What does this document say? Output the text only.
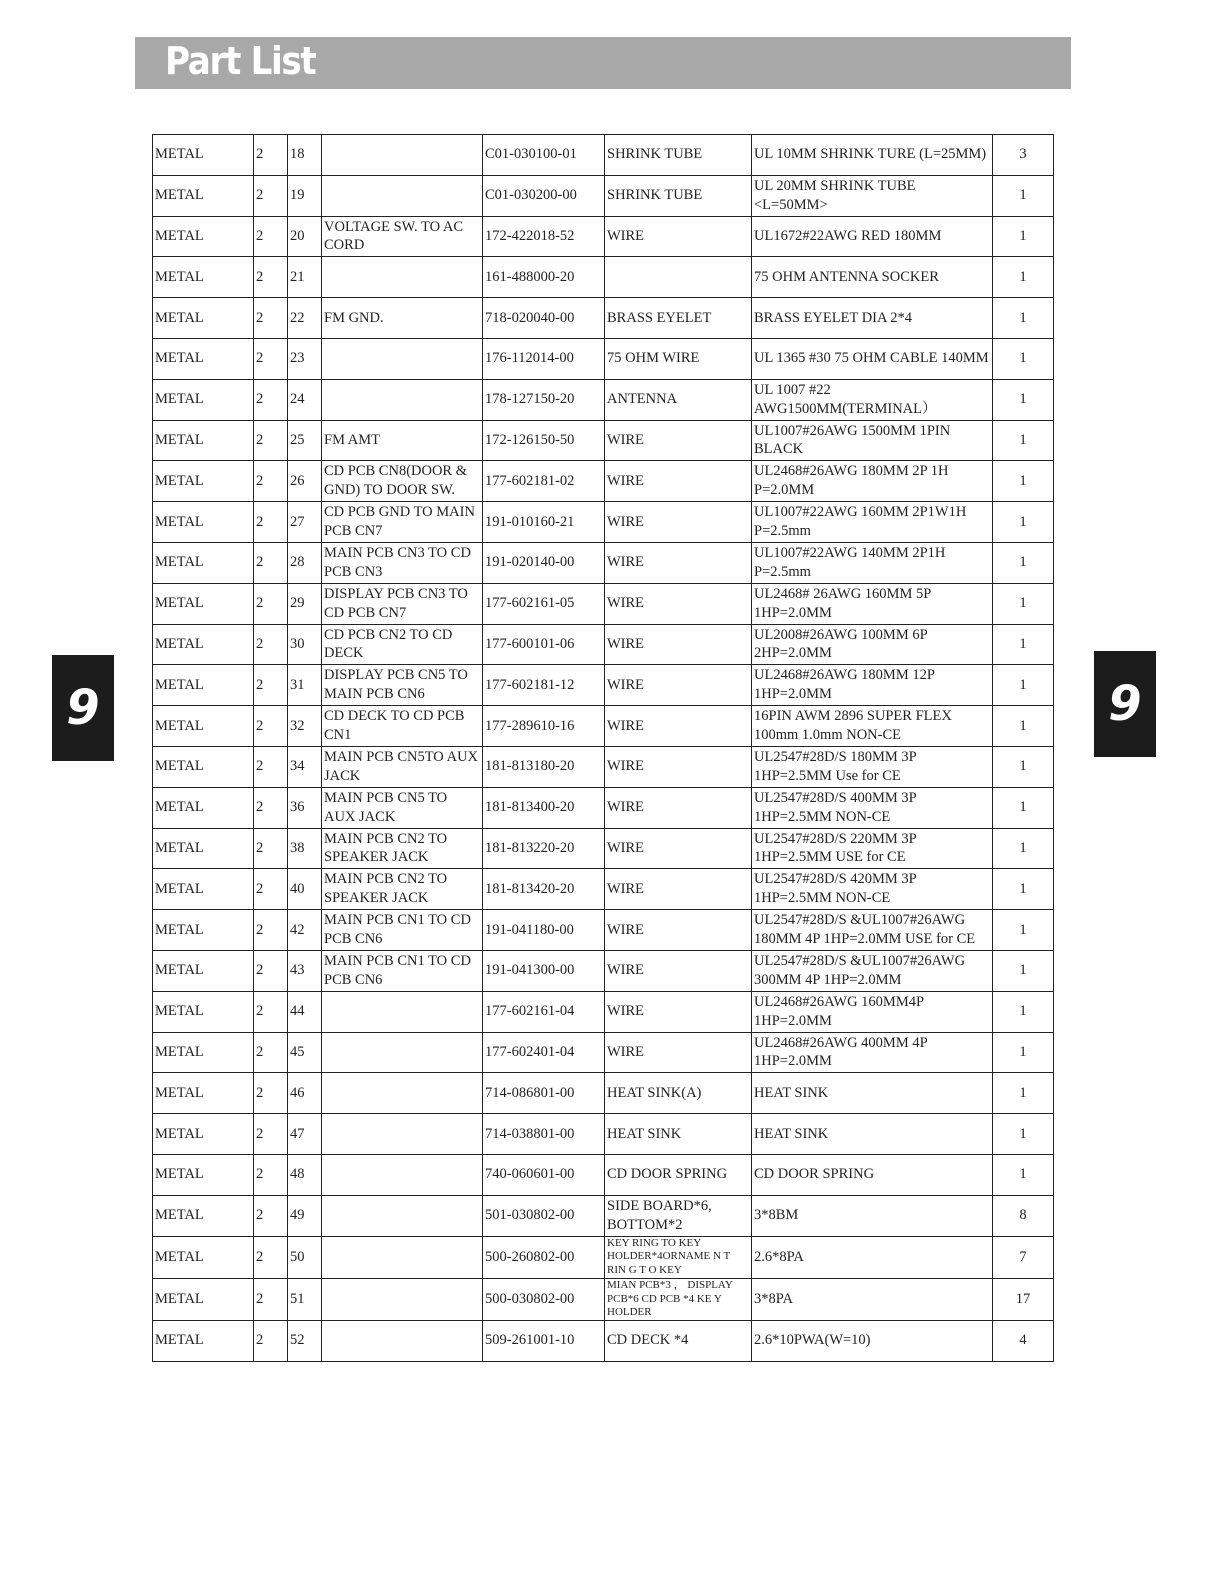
Part List
9	9
METAL	2	18		C01-030100-01	SHRINK TUBE	UL 10MM SHRINK TURE (L=25MM)	3
METAL	2	19		C01-030200-00	SHRINK TUBE	UL 20MM SHRINK TUBE <L=50MM>	1
METAL	2	20	VOLTAGE SW. TO AC CORD	172-422018-52	WIRE	UL1672#22AWG RED 180MM	1
METAL	2	21		161-488000-20		75 OHM ANTENNA SOCKER	1
METAL	2	22	FM GND.	718-020040-00	BRASS EYELET	BRASS EYELET DIA 2*4	1
METAL	2	23		176-112014-00	75 OHM WIRE	UL 1365 #30 75 OHM CABLE 140MM	1
METAL	2	24		178-127150-20	ANTENNA	UL 1007 #22 AWG1500MM(TERMINAL）	1
METAL	2	25	FM AMT	172-126150-50	WIRE	UL1007#26AWG 1500MM 1PIN BLACK	1
METAL	2	26	CD PCB CN8(DOOR & GND) TO DOOR SW.	177-602181-02	WIRE	UL2468#26AWG 180MM 2P 1H P=2.0MM	1
METAL	2	27	CD PCB GND TO MAIN PCB CN7	191-010160-21	WIRE	UL1007#22AWG 160MM 2P1W1H P=2.5mm	1
METAL	2	28	MAIN PCB CN3 TO CD PCB CN3	191-020140-00	WIRE	UL1007#22AWG 140MM 2P1H P=2.5mm	1
METAL	2	29	DISPLAY PCB CN3 TO CD PCB CN7	177-602161-05	WIRE	UL2468# 26AWG 160MM 5P 1HP=2.0MM	1
METAL	2	30	CD PCB CN2 TO CD DECK	177-600101-06	WIRE	UL2008#26AWG 100MM 6P 2HP=2.0MM	1
METAL	2	31	DISPLAY PCB CN5 TO MAIN PCB CN6	177-602181-12	WIRE	UL2468#26AWG 180MM 12P 1HP=2.0MM	1
METAL	2	32	CD DECK TO CD PCB CN1	177-289610-16	WIRE	16PIN AWM 2896 SUPER FLEX 100mm 1.0mm NON-CE	1
METAL	2	34	MAIN PCB CN5TO AUX JACK	181-813180-20	WIRE	UL2547#28D/S 180MM 3P 1HP=2.5MM Use for CE	1
METAL	2	36	MAIN PCB CN5 TO AUX JACK	181-813400-20	WIRE	UL2547#28D/S 400MM 3P 1HP=2.5MM NON-CE	1
METAL	2	38	MAIN PCB CN2 TO SPEAKER JACK	181-813220-20	WIRE	UL2547#28D/S 220MM 3P 1HP=2.5MM USE for CE	1
METAL	2	40	MAIN PCB CN2 TO SPEAKER JACK	181-813420-20	WIRE	UL2547#28D/S 420MM 3P 1HP=2.5MM NON-CE	1
METAL	2	42	MAIN PCB CN1 TO CD PCB CN6	191-041180-00	WIRE	UL2547#28D/S &UL1007#26AWG 180MM 4P 1HP=2.0MM USE for CE	1
METAL	2	43	MAIN PCB CN1 TO CD PCB CN6	191-041300-00	WIRE	UL2547#28D/S &UL1007#26AWG 300MM 4P 1HP=2.0MM	1
METAL	2	44		177-602161-04	WIRE	UL2468#26AWG 160MM4P 1HP=2.0MM	1
METAL	2	45		177-602401-04	WIRE	UL2468#26AWG 400MM 4P 1HP=2.0MM	1
METAL	2	46		714-086801-00	HEAT SINK(A)	HEAT SINK	1
METAL	2	47		714-038801-00	HEAT SINK	HEAT SINK	1
METAL	2	48		740-060601-00	CD DOOR SPRING	CD DOOR SPRING	1
METAL	2	49		501-030802-00	SIDE BOARD*6, BOTTOM*2	3*8BM	8
METAL	2	50		500-260802-00	KEY RING TO KEY HOLDER*4ORNAME N T RIN G T O KEY	2.6*8PA	7
METAL	2	51		500-030802-00	MIAN PCB*3 ， DISPLAY PCB*6 CD PCB *4 KE Y HOLDER	3*8PA	17
METAL	2	52		509-261001-10	CD DECK *4	2.6*10PWA(W=10)	4
